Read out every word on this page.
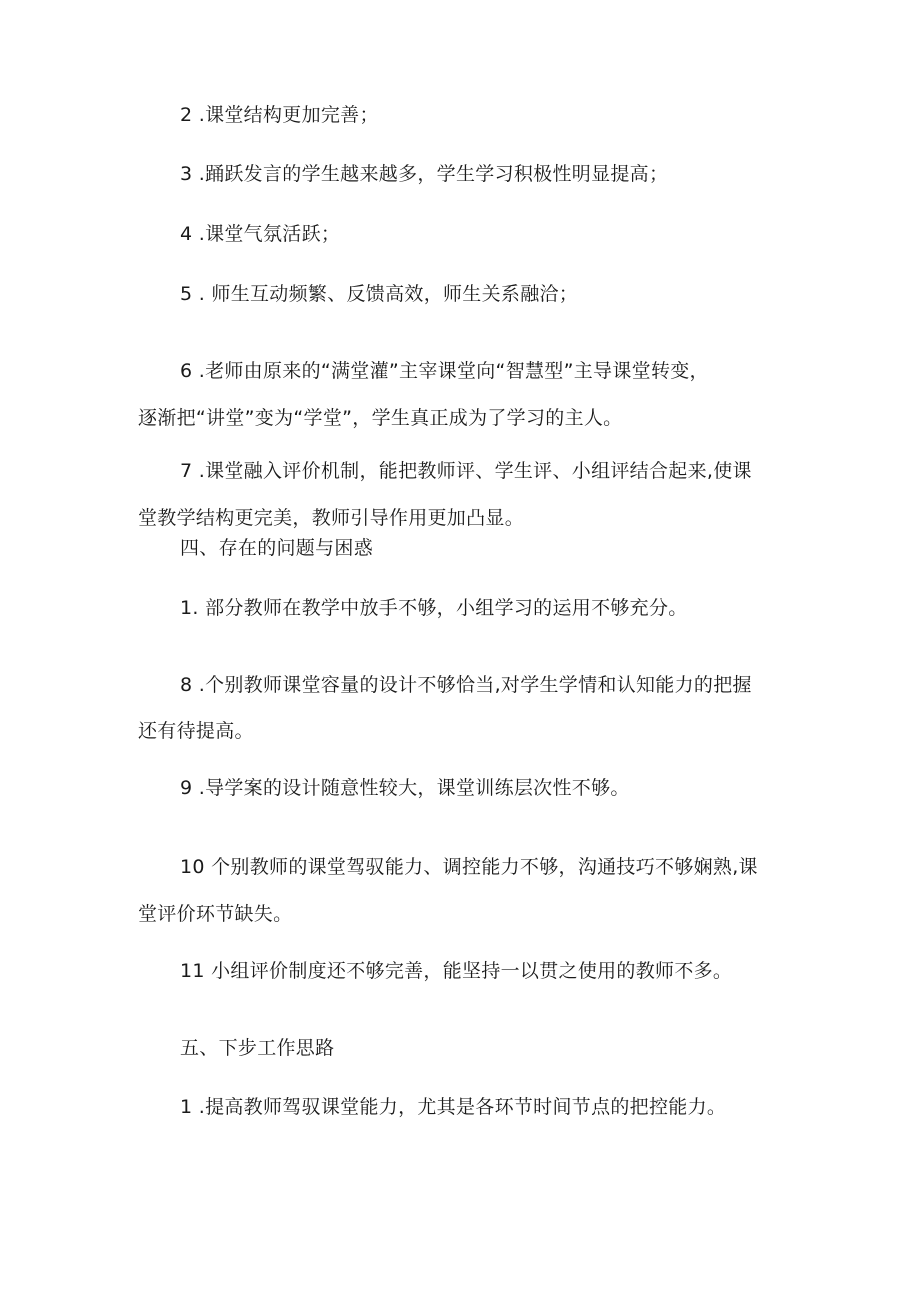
2 .课堂结构更加完善；
3 .踊跃发言的学生越来越多，学生学习积极性明显提高；
4 .课堂气氛活跃；
5 . 师生互动频繁、反馈高效，师生关系融洽；
6 .老师由原来的“满堂灌”主宰课堂向“智慧型”主导课堂转变，
逐渐把“讲堂”变为“学堂”，学生真正成为了学习的主人。
7 .课堂融入评价机制，能把教师评、学生评、小组评结合起来,使课
堂教学结构更完美，教师引导作用更加凸显。
四、存在的问题与困惑
1. 部分教师在教学中放手不够，小组学习的运用不够充分。
8 .个别教师课堂容量的设计不够恰当,对学生学情和认知能力的把握
还有待提高。
9 .导学案的设计随意性较大，课堂训练层次性不够。
10 个别教师的课堂驾驭能力、调控能力不够，沟通技巧不够娴熟,课
堂评价环节缺失。
11 小组评价制度还不够完善，能坚持一以贯之使用的教师不多。
五、下步工作思路
1 .提高教师驾驭课堂能力，尤其是各环节时间节点的把控能力。
